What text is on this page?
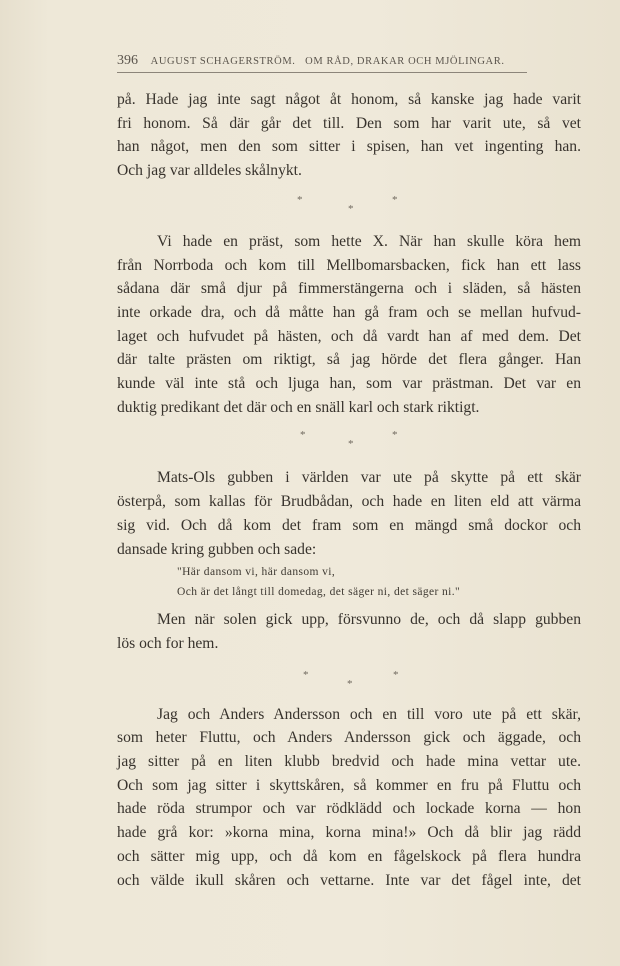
396 AUGUST SCHAGERSTRÖM.   OM RÅD, DRAKAR OCH MJÖLINGAR.

på. Hade jag inte sagt något åt honom, så kanske jag hade varit

fri honom. Så där går det till. Den som har varit ute, så vet

han något, men den som sitter i spisen, han vet ingenting han.

Och jag var alldeles skålnykt.

*
*
*

Vi hade en präst, som hette X. När han skulle köra hem

från Norrboda och kom till Mellbomarsbacken, fick han ett lass

sådana där små djur på fimmerstängerna och i släden, så hästen

inte orkade dra, och då måtte han gå fram och se mellan hufvud-

laget och hufvudet på hästen, och då vardt han af med dem. Det

där talte prästen om riktigt, så jag hörde det flera gånger. Han

kunde väl inte stå och ljuga han, som var prästman. Det var en

duktig predikant det där och en snäll karl och stark riktigt.

*
*
*

Mats-Ols gubben i världen var ute på skytte på ett skär

österpå, som kallas för Brudbådan, och hade en liten eld att värma

sig vid. Och då kom det fram som en mängd små dockor och

dansade kring gubben och sade:

"Här dansom vi, här dansom vi,
Och är det långt till domedag, det säger ni, det säger ni."

Men när solen gick upp, försvunno de, och då slapp gubben

lös och for hem.

*
*
*

Jag och Anders Andersson och en till voro ute på ett skär,

som heter Fluttu, och Anders Andersson gick och äggade, och

jag sitter på en liten klubb bredvid och hade mina vettar ute.

Och som jag sitter i skyttskåren, så kommer en fru på Fluttu och

hade röda strumpor och var rödklädd och lockade korna — hon

hade grå kor: »korna mina, korna mina!» Och då blir jag rädd

och sätter mig upp, och då kom en fågelskock på flera hundra

och välde ikull skåren och vettarne. Inte var det fågel inte, det
